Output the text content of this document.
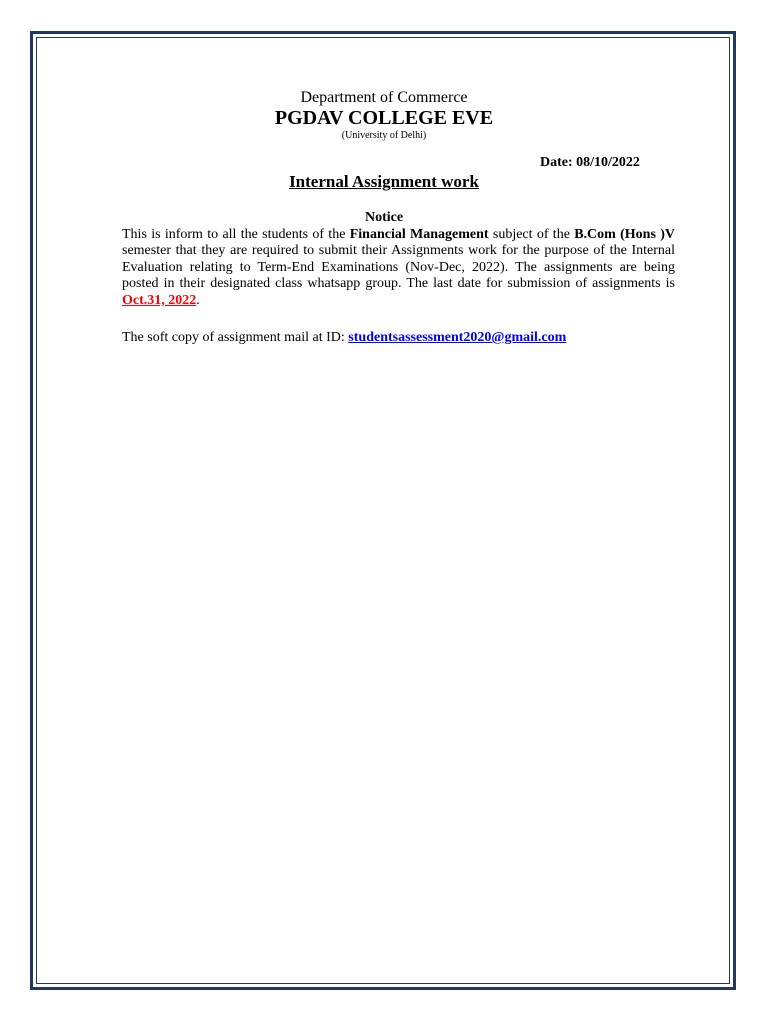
Department of Commerce
PGDAV COLLEGE EVE
(University of Delhi)
Date: 08/10/2022
Internal Assignment work
Notice
This is inform to all the students of the Financial Management subject of the B.Com (Hons )V semester that they are required to submit their Assignments work for the purpose of the Internal Evaluation relating to Term-End Examinations (Nov-Dec, 2022). The assignments are being posted in their designated class whatsapp group. The last date for submission of assignments is Oct.31, 2022.
The soft copy of assignment mail at ID: studentsassessment2020@gmail.com
